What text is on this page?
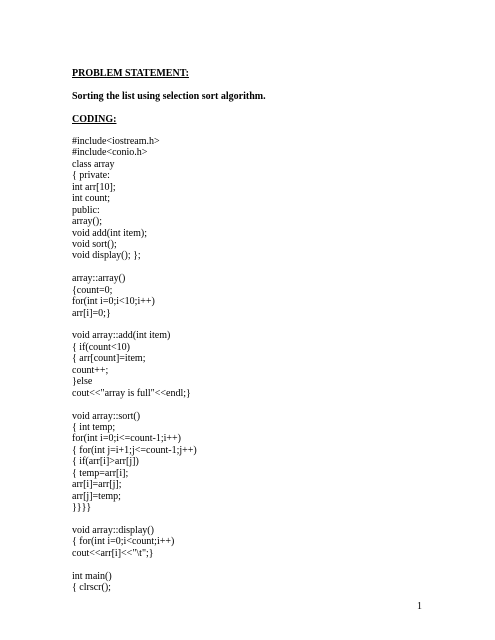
PROBLEM STATEMENT:
Sorting the list using selection sort algorithm.
CODING:
#include<iostream.h>
#include<conio.h>
class array
{ private:
int arr[10];
int count;
public:
array();
void add(int item);
void sort();
void display(); };
array::array()
{count=0;
for(int i=0;i<10;i++)
arr[i]=0;}
void array::add(int item)
{ if(count<10)
{ arr[count]=item;
count++;
}else
cout<<"array is full"<<endl;}
void array::sort()
{ int temp;
for(int i=0;i<=count-1;i++)
{ for(int j=i+1;j<=count-1;j++)
{ if(arr[i]>arr[j])
{ temp=arr[i];
arr[i]=arr[j];
arr[j]=temp;
}}}}
void array::display()
{ for(int i=0;i<count;i++)
cout<<arr[i]<<"\t";}
int main()
{ clrscr();
1
